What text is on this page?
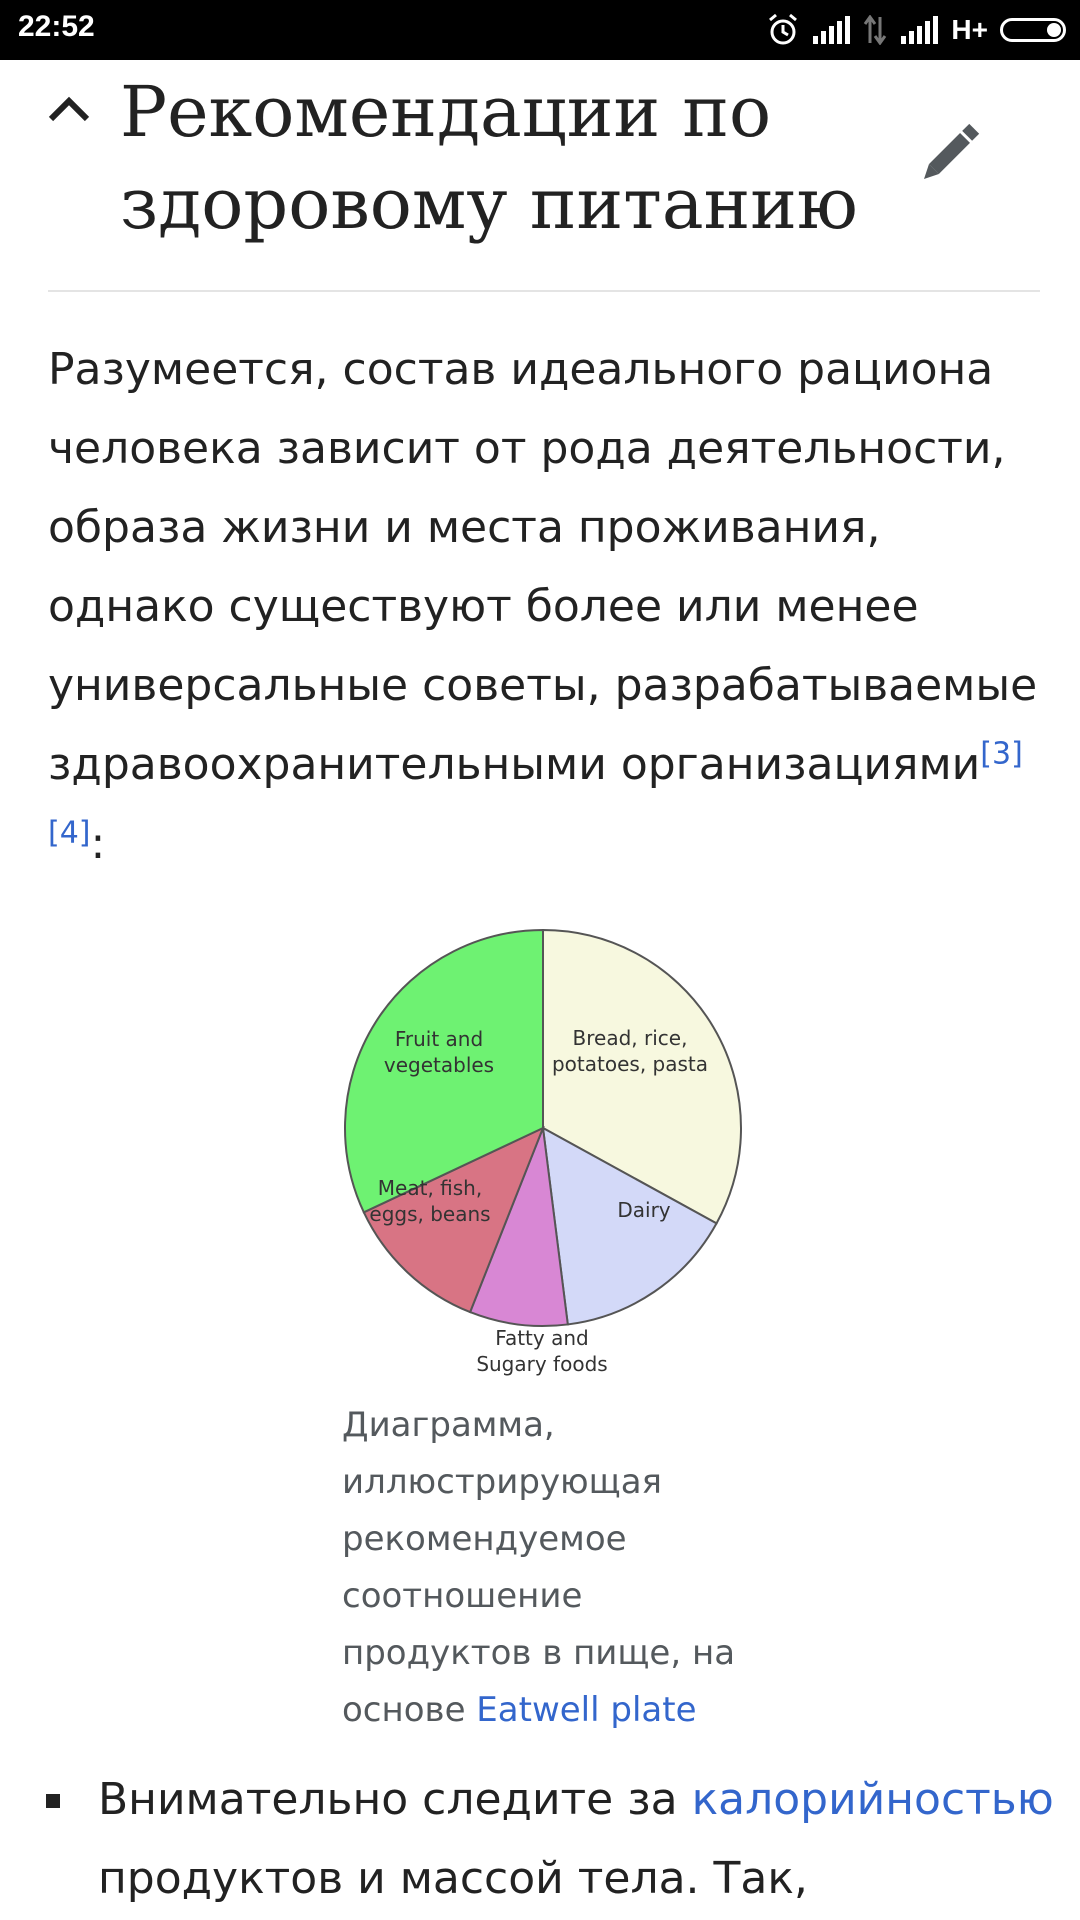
22:52	H+
Рекомендации по здоровому питанию

Разумеется, состав идеального рациона человека зависит от рода деятельности, образа жизни и места проживания, однако существуют более или менее универсальные советы, разрабатываемые здравоохранительными организациями[3][4]:

Bread, rice, potatoes, pasta
Dairy
Fatty and Sugary foods
Meat, fish, eggs, beans
Fruit and vegetables

Диаграмма, иллюстрирующая рекомендуемое соотношение продуктов в пище, на основе Eatwell plate

Внимательно следите за калорийностью продуктов и массой тела. Так,
